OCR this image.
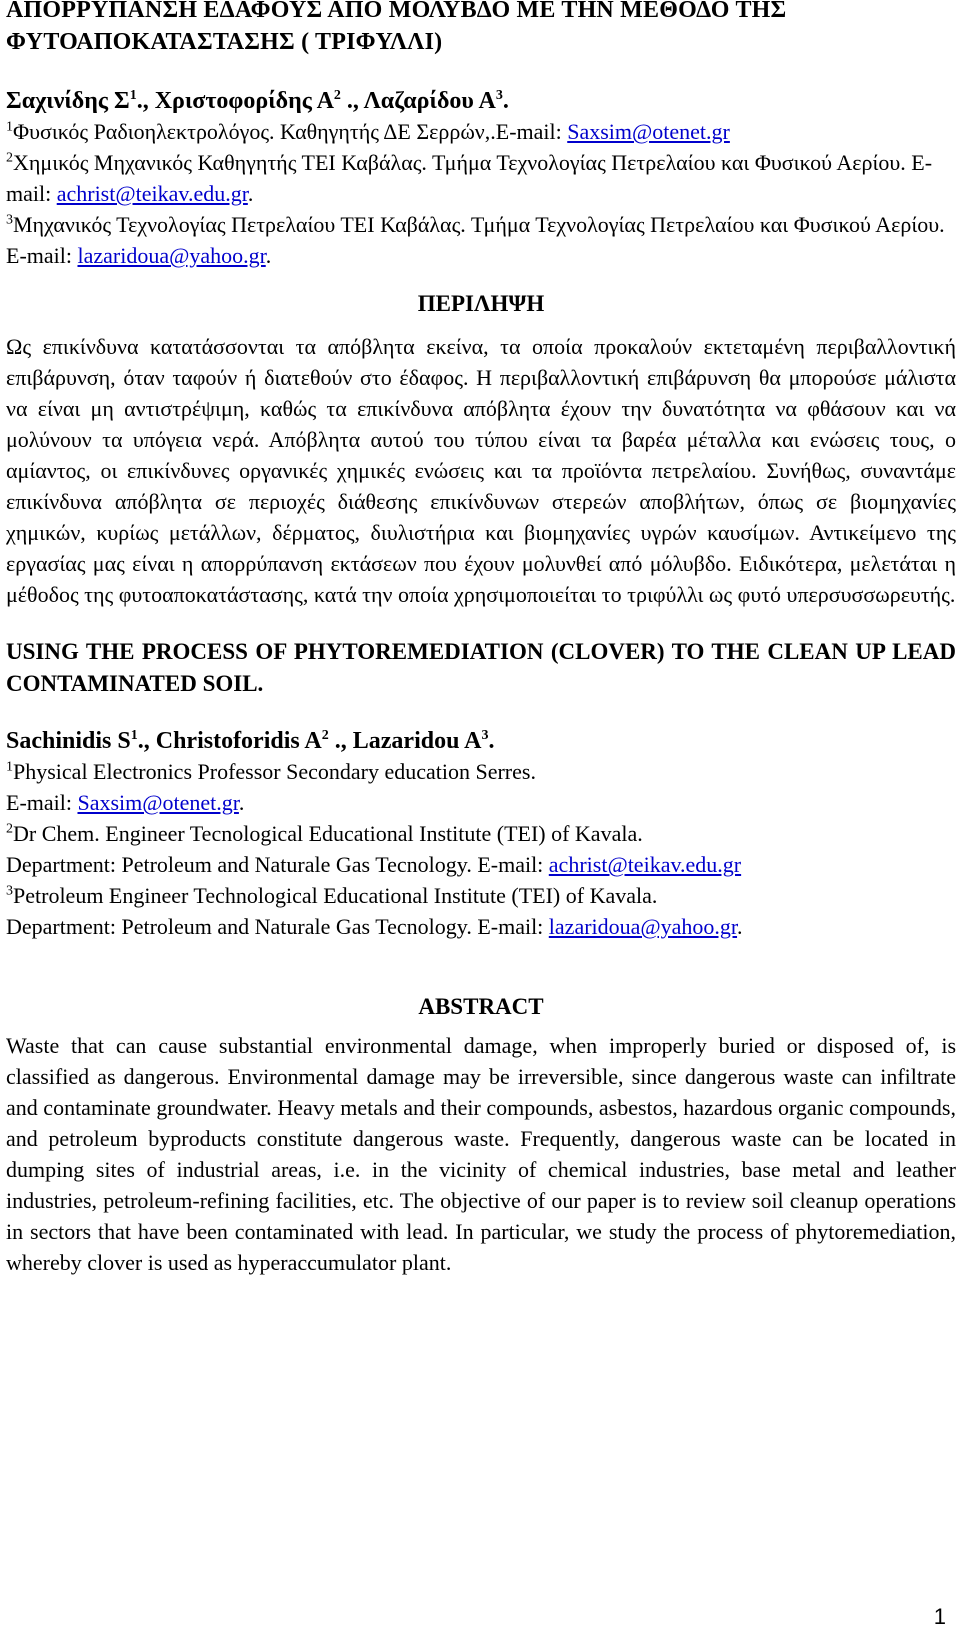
ΑΠΟΡΡΥΠΑΝΣΗ ΕΔΑΦΟΥΣ ΑΠΟ ΜΟΛΥΒΔΟ ΜΕ ΤΗΝ ΜΕΘΟΔΟ ΤΗΣ ΦΥΤΟΑΠΟΚΑΤΑΣΤΑΣΗΣ ( ΤΡΙΦΥΛΛΙ)
Σαχινίδης $\Sigma^1$., Χριστοφορίδης $A^2$ ., Λαζαρίδου $A^3$.
$^1$Φυσικός Ραδιοηλεκτρολόγος. Καθηγητής ΔΕ Σερρών,.E-mail: Saxsim@otenet.gr
$^2$Χημικός Μηχανικός Καθηγητής ΤΕΙ Καβάλας. Τμήμα Τεχνολογίας Πετρελαίου και Φυσικού Αερίου. E-mail: achrist@teikav.edu.gr.
$^3$Μηχανικός Τεχνολογίας Πετρελαίου ΤΕΙ Καβάλας. Τμήμα Τεχνολογίας Πετρελαίου και Φυσικού Αερίου. E-mail: lazaridoua@yahoo.gr.
ΠΕΡΙΛΗΨΗ

Ως επικίνδυνα κατατάσσονται τα απόβλητα εκείνα, τα οποία προκαλούν εκτεταμένη περιβαλλοντική επιβάρυνση, όταν ταφούν ή διατεθούν στο έδαφος. Η περιβαλλοντική επιβάρυνση θα μπορούσε μάλιστα να είναι μη αντιστρέψιμη, καθώς τα επικίνδυνα απόβλητα έχουν την δυνατότητα να φθάσουν και να μολύνουν τα υπόγεια νερά. Απόβλητα αυτού του τύπου είναι τα βαρέα μέταλλα και ενώσεις τους, ο αμίαντος, οι επικίνδυνες οργανικές χημικές ενώσεις και τα προϊόντα πετρελαίου. Συνήθως, συναντάμε επικίνδυνα απόβλητα σε περιοχές διάθεσης επικίνδυνων στερεών αποβλήτων, όπως σε βιομηχανίες χημικών, κυρίως μετάλλων, δέρματος, διυλιστήρια και βιομηχανίες υγρών καυσίμων. Αντικείμενο της εργασίας μας είναι η απορρύπανση εκτάσεων που έχουν μολυνθεί από μόλυβδο. Ειδικότερα, μελετάται η μέθοδος της φυτοαποκατάστασης, κατά την οποία χρησιμοποιείται το τριφύλλι ως φυτό υπερσυσσωρευτής.

USING THE PROCESS OF PHYTOREMEDIATION (CLOVER) TO THE CLEAN UP LEAD CONTAMINATED SOIL.
Sachinidis $S^1$., Christoforidis $A^2$ ., Lazaridou $A^3$.
$^1$Physical Electronics Professor Secondary education Serres.
E-mail: Saxsim@otenet.gr.
$^2$Dr Chem. Engineer Tecnological Educational Institute (TEI) of Kavala.
Department: Petroleum and Naturale Gas Tecnology. E-mail: achrist@teikav.edu.gr
$^3$Petroleum Engineer Technological Educational Institute (TEI) of Kavala.
Department: Petroleum and Naturale Gas Tecnology. E-mail: lazaridoua@yahoo.gr.
ABSTRACT

Waste that can cause substantial environmental damage, when improperly buried or disposed of, is classified as dangerous. Environmental damage may be irreversible, since dangerous waste can infiltrate and contaminate groundwater. Heavy metals and their compounds, asbestos, hazardous organic compounds, and petroleum byproducts constitute dangerous waste. Frequently, dangerous waste can be located in dumping sites of industrial areas, i.e. in the vicinity of chemical industries, base metal and leather industries, petroleum-refining facilities, etc. The objective of our paper is to review soil cleanup operations in sectors that have been contaminated with lead. In particular, we study the process of phytoremediation, whereby clover is used as hyperaccumulator plant.

1
